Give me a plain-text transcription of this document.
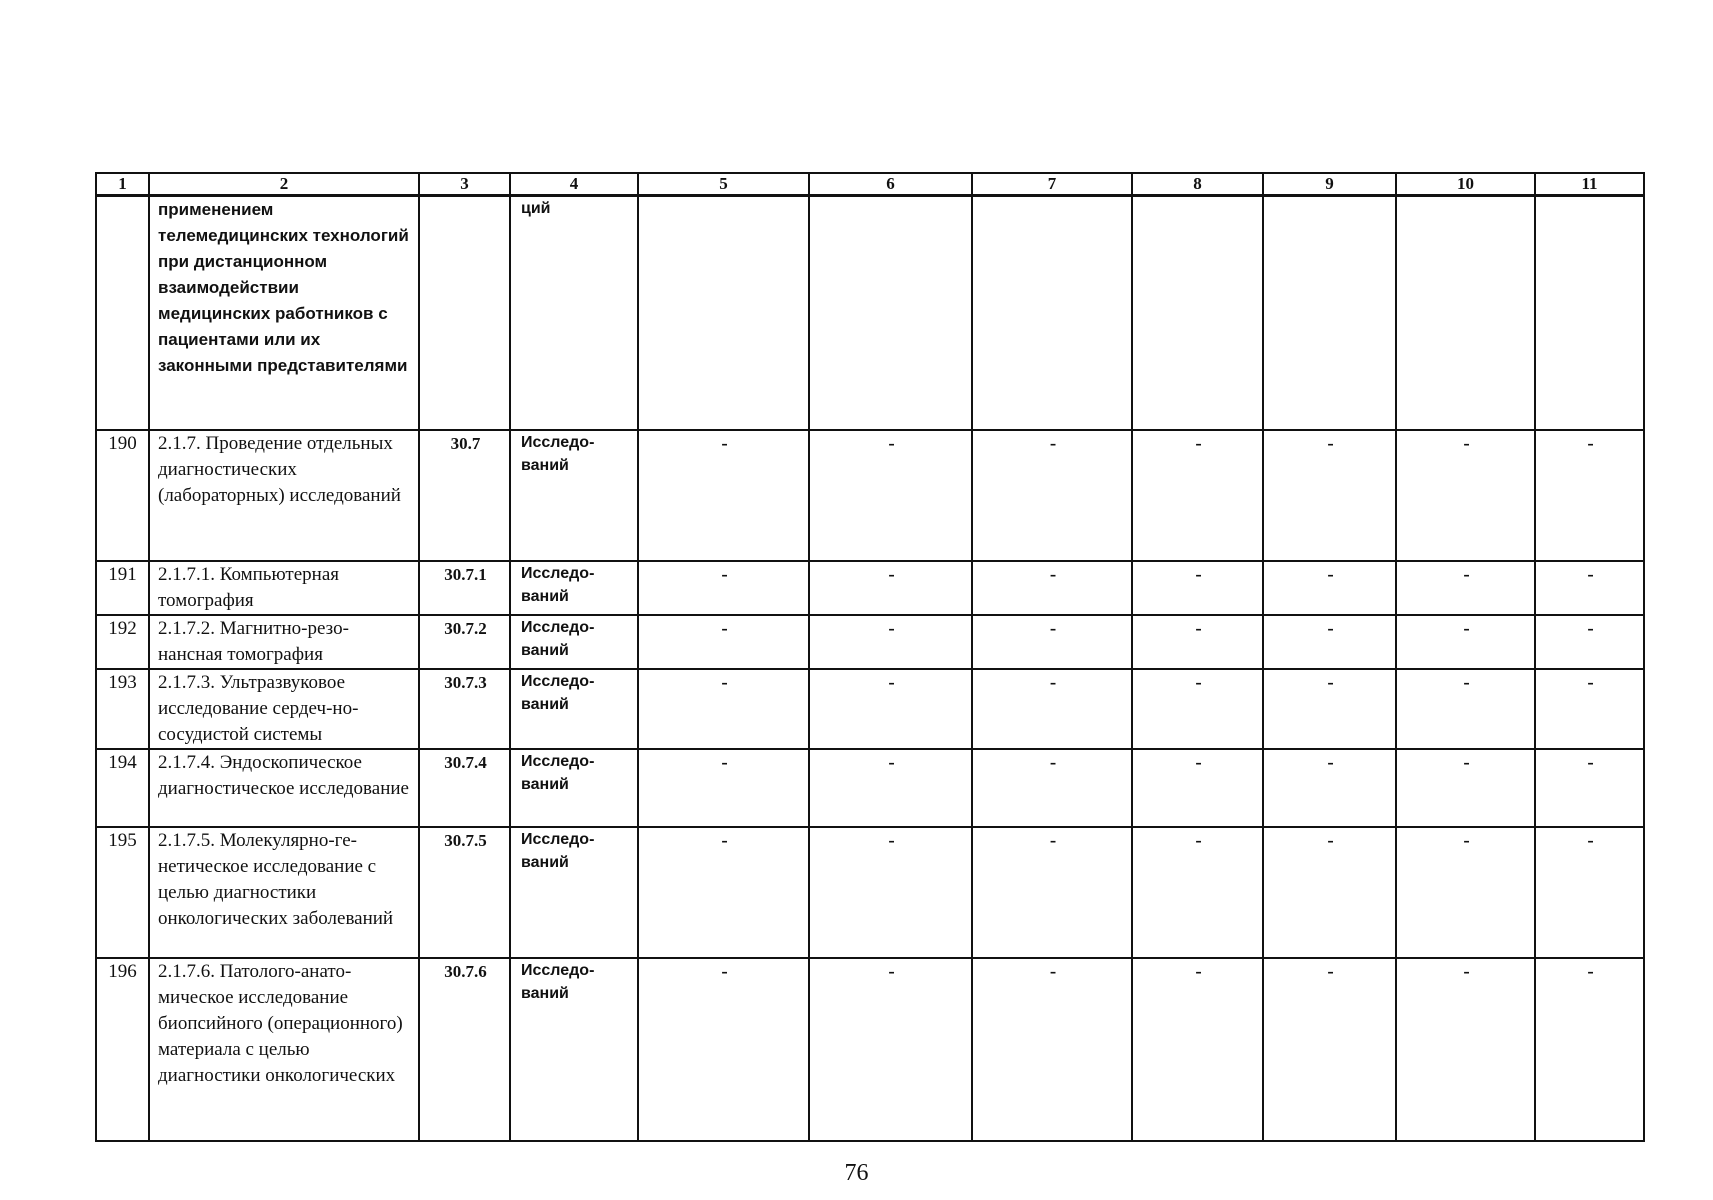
1	2	3	4	5	6	7	8	9	10	11
	применением телемедицинских технологий при дистанционном взаимодействии медицинских работников с пациентами или их законными представителями		ций							
190	2.1.7. Проведение отдельных диагностических (лабораторных) исследований	30.7	Исследо-ваний	-	-	-	-	-	-	-
191	2.1.7.1. Компьютерная томография	30.7.1	Исследо-ваний	-	-	-	-	-	-	-
192	2.1.7.2. Магнитно-резо-нансная томография	30.7.2	Исследо-ваний	-	-	-	-	-	-	-
193	2.1.7.3. Ультразвуковое исследование сердеч-но-сосудистой системы	30.7.3	Исследо-ваний	-	-	-	-	-	-	-
194	2.1.7.4. Эндоскопическое диагностическое исследование	30.7.4	Исследо-ваний	-	-	-	-	-	-	-
195	2.1.7.5. Молекулярно-ге-нетическое исследование с целью диагностики онкологических заболеваний	30.7.5	Исследо-ваний	-	-	-	-	-	-	-
196	2.1.7.6. Патолого-анато-мическое исследование биопсийного (операционного) материала с целью диагностики онкологических	30.7.6	Исследо-ваний	-	-	-	-	-	-	-
76
